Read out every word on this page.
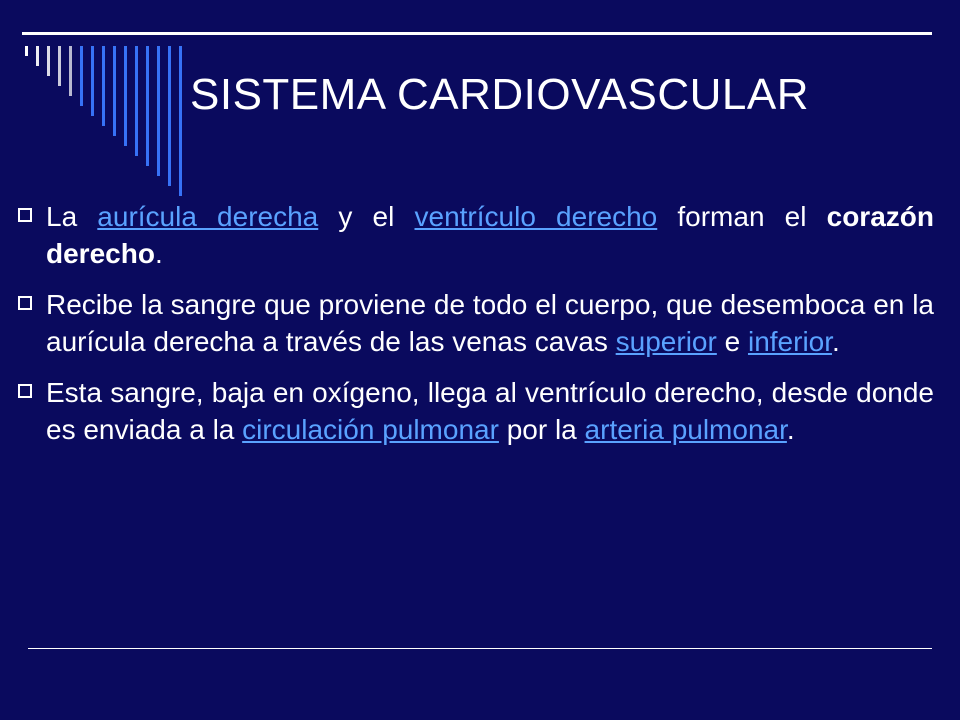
SISTEMA CARDIOVASCULAR
La aurícula derecha y el ventrículo derecho forman el corazón derecho.
Recibe la sangre que proviene de todo el cuerpo, que desemboca en la aurícula derecha a través de las venas cavas superior e inferior.
Esta sangre, baja en oxígeno, llega al ventrículo derecho, desde donde es enviada a la circulación pulmonar por la arteria pulmonar.
